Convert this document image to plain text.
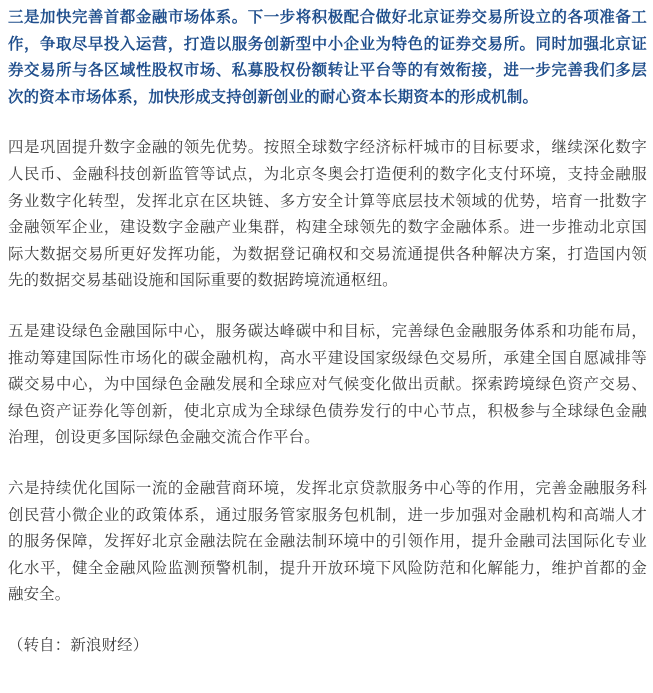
三是加快完善首都金融市场体系。下一步将积极配合做好北京证券交易所设立的各项准备工作，争取尽早投入运营，打造以服务创新型中小企业为特色的证券交易所。同时加强北京证券交易所与各区域性股权市场、私募股权份额转让平台等的有效衔接，进一步完善我们多层次的资本市场体系，加快形成支持创新创业的耐心资本长期资本的形成机制。

四是巩固提升数字金融的领先优势。按照全球数字经济标杆城市的目标要求，继续深化数字人民币、金融科技创新监管等试点，为北京冬奥会打造便利的数字化支付环境，支持金融服务业数字化转型，发挥北京在区块链、多方安全计算等底层技术领域的优势，培育一批数字金融领军企业，建设数字金融产业集群，构建全球领先的数字金融体系。进一步推动北京国际大数据交易所更好发挥功能，为数据登记确权和交易流通提供各种解决方案，打造国内领先的数据交易基础设施和国际重要的数据跨境流通枢纽。

五是建设绿色金融国际中心，服务碳达峰碳中和目标，完善绿色金融服务体系和功能布局，推动筹建国际性市场化的碳金融机构，高水平建设国家级绿色交易所，承建全国自愿减排等碳交易中心，为中国绿色金融发展和全球应对气候变化做出贡献。探索跨境绿色资产交易、绿色资产证券化等创新，使北京成为全球绿色债券发行的中心节点，积极参与全球绿色金融治理，创设更多国际绿色金融交流合作平台。

六是持续优化国际一流的金融营商环境，发挥北京贷款服务中心等的作用，完善金融服务科创民营小微企业的政策体系，通过服务管家服务包机制，进一步加强对金融机构和高端人才的服务保障，发挥好北京金融法院在金融法制环境中的引领作用，提升金融司法国际化专业化水平，健全金融风险监测预警机制，提升开放环境下风险防范和化解能力，维护首都的金融安全。

（转自：新浪财经）
